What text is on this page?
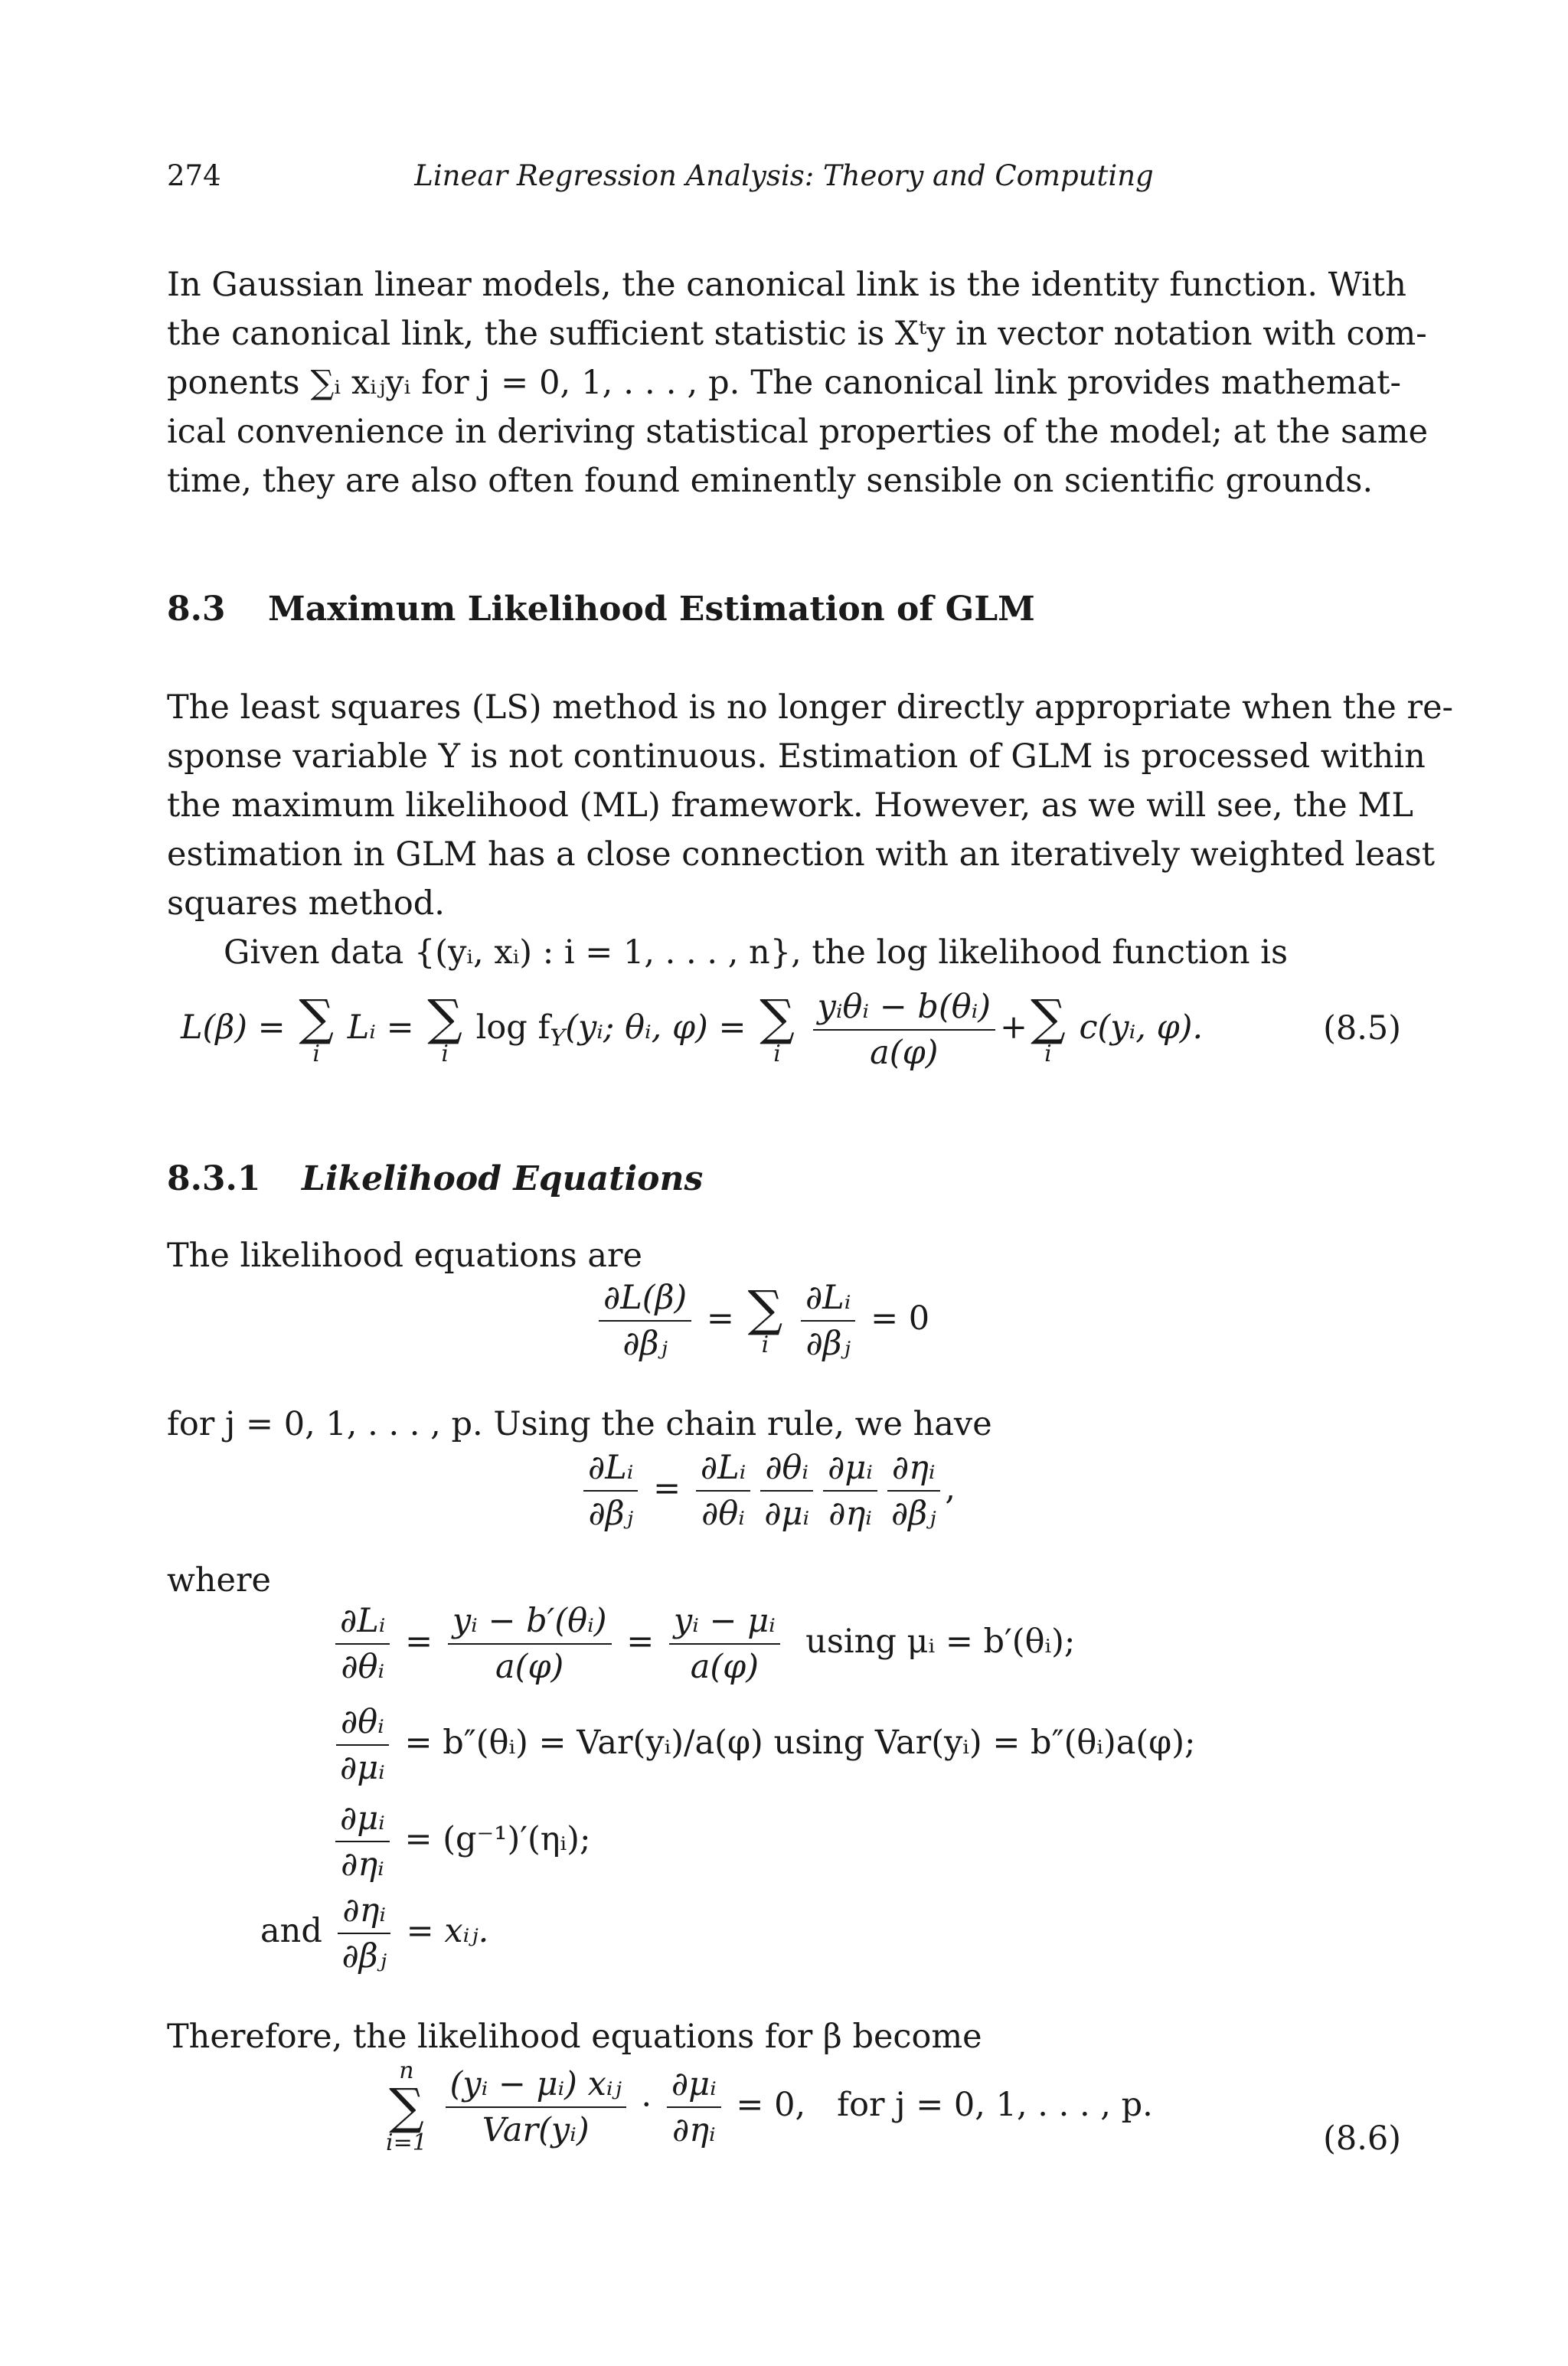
274	Linear Regression Analysis: Theory and Computing
In Gaussian linear models, the canonical link is the identity function. With
the canonical link, the sufficient statistic is Xᵗy in vector notation with com-
ponents ∑ᵢ xᵢⱼyᵢ for j = 0, 1, . . . , p. The canonical link provides mathemat-
ical convenience in deriving statistical properties of the model; at the same
time, they are also often found eminently sensible on scientific grounds.
8.3 Maximum Likelihood Estimation of GLM
The least squares (LS) method is no longer directly appropriate when the re-
sponse variable Y is not continuous. Estimation of GLM is processed within
the maximum likelihood (ML) framework. However, as we will see, the ML
estimation in GLM has a close connection with an iteratively weighted least
squares method.
Given data {(yᵢ, xᵢ) : i = 1, . . . , n}, the log likelihood function is
L(β) = ∑
i
Lᵢ = ∑
i
$\log f_Y(yᵢ$; θᵢ, φ) = ∑
i
$\frac{\text{yᵢθᵢ − b(θᵢ)}}{a(\varphi)}$ + ∑
i
c(yᵢ, φ).	(8.5)
8.3.1 Likelihood Equations
The likelihood equations are
$\frac{\partial L(\beta)}{\text{∂βⱼ}}$ = ∑
i
$\frac{\text{∂Lᵢ}}{\text{∂βⱼ}} = 0$
for j = 0, 1, . . . , p. Using the chain rule, we have
$\frac{\text{∂Lᵢ}}{\text{∂βⱼ}} = \frac{\text{∂Lᵢ}}{\text{∂θᵢ}} \frac{\text{∂θᵢ}}{\text{∂μᵢ}} \frac{\text{∂μᵢ}}{\text{∂ηᵢ}} \frac{\text{∂ηᵢ}}{\text{∂βⱼ}}$ ,
where
$\frac{\text{∂Lᵢ}}{\text{∂θᵢ}} = \frac{\text{yᵢ − b′(θᵢ)}}{a(\varphi)} = \frac{\text{yᵢ − μᵢ}}{a(\varphi)}$ using μᵢ = b′(θᵢ);
$\frac{\text{∂θᵢ}}{\text{∂μᵢ}}$ = b″(θᵢ) = Var(yᵢ)/a(φ) using Var(yᵢ) = b″(θᵢ)a(φ);
$\frac{\text{∂μᵢ}}{\text{∂ηᵢ}}$ = (g⁻¹)′(ηᵢ);
and $\frac{\text{∂ηᵢ}}{\text{∂βⱼ}}$ = xᵢⱼ.
Therefore, the likelihood equations for β become
n
∑
i=1
$\frac{\text{(yᵢ − μᵢ) xᵢⱼ}}{\text{Var(yᵢ)}} \cdot \frac{\text{∂μᵢ}}{\text{∂ηᵢ}} = 0$, for j = 0, 1, . . . , p.
(8.6)
